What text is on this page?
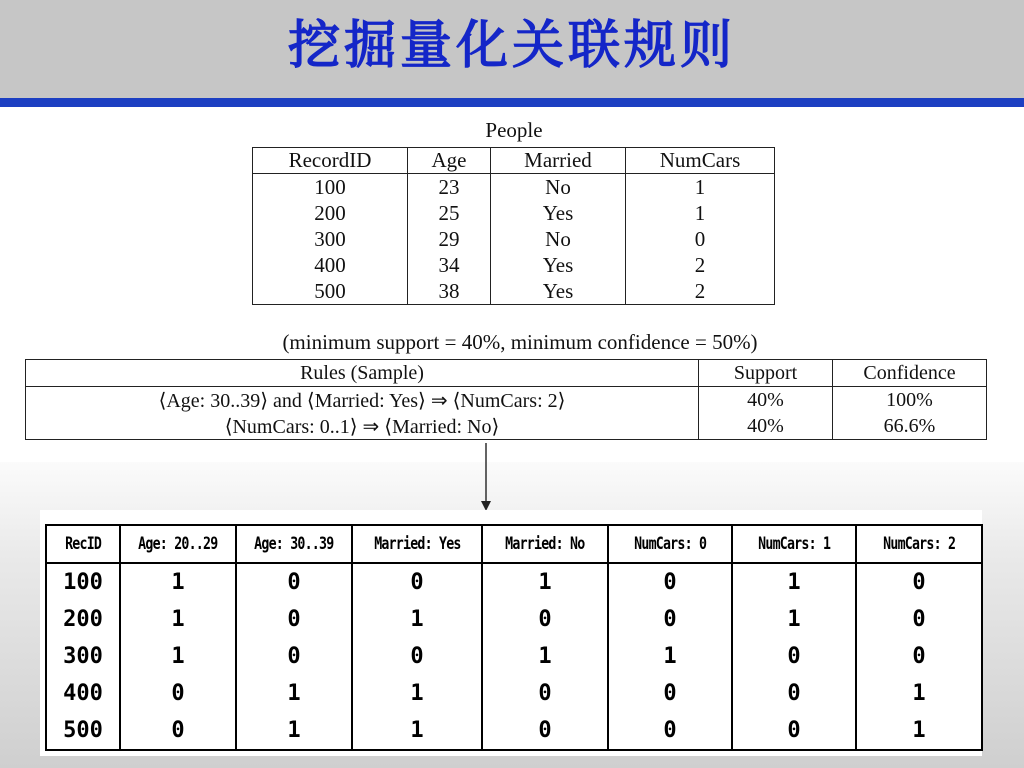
挖掘量化关联规则
People
RecordID	Age	Married	NumCars
100	23	No	1
200	25	Yes	1
300	29	No	0
400	34	Yes	2
500	38	Yes	2
(minimum support = 40%, minimum confidence = 50%)
Rules (Sample)	Support	Confidence
⟨Age: 30..39⟩ and ⟨Married: Yes⟩ ⇒ ⟨NumCars: 2⟩	40%	100%
⟨NumCars: 0..1⟩ ⇒ ⟨Married: No⟩	40%	66.6%
RecID	Age: 20..29	Age: 30..39	Married: Yes	Married: No	NumCars: 0	NumCars: 1	NumCars: 2
100	1	0	0	1	0	1	0
200	1	0	1	0	0	1	0
300	1	0	0	1	1	0	0
400	0	1	1	0	0	0	1
500	0	1	1	0	0	0	1
